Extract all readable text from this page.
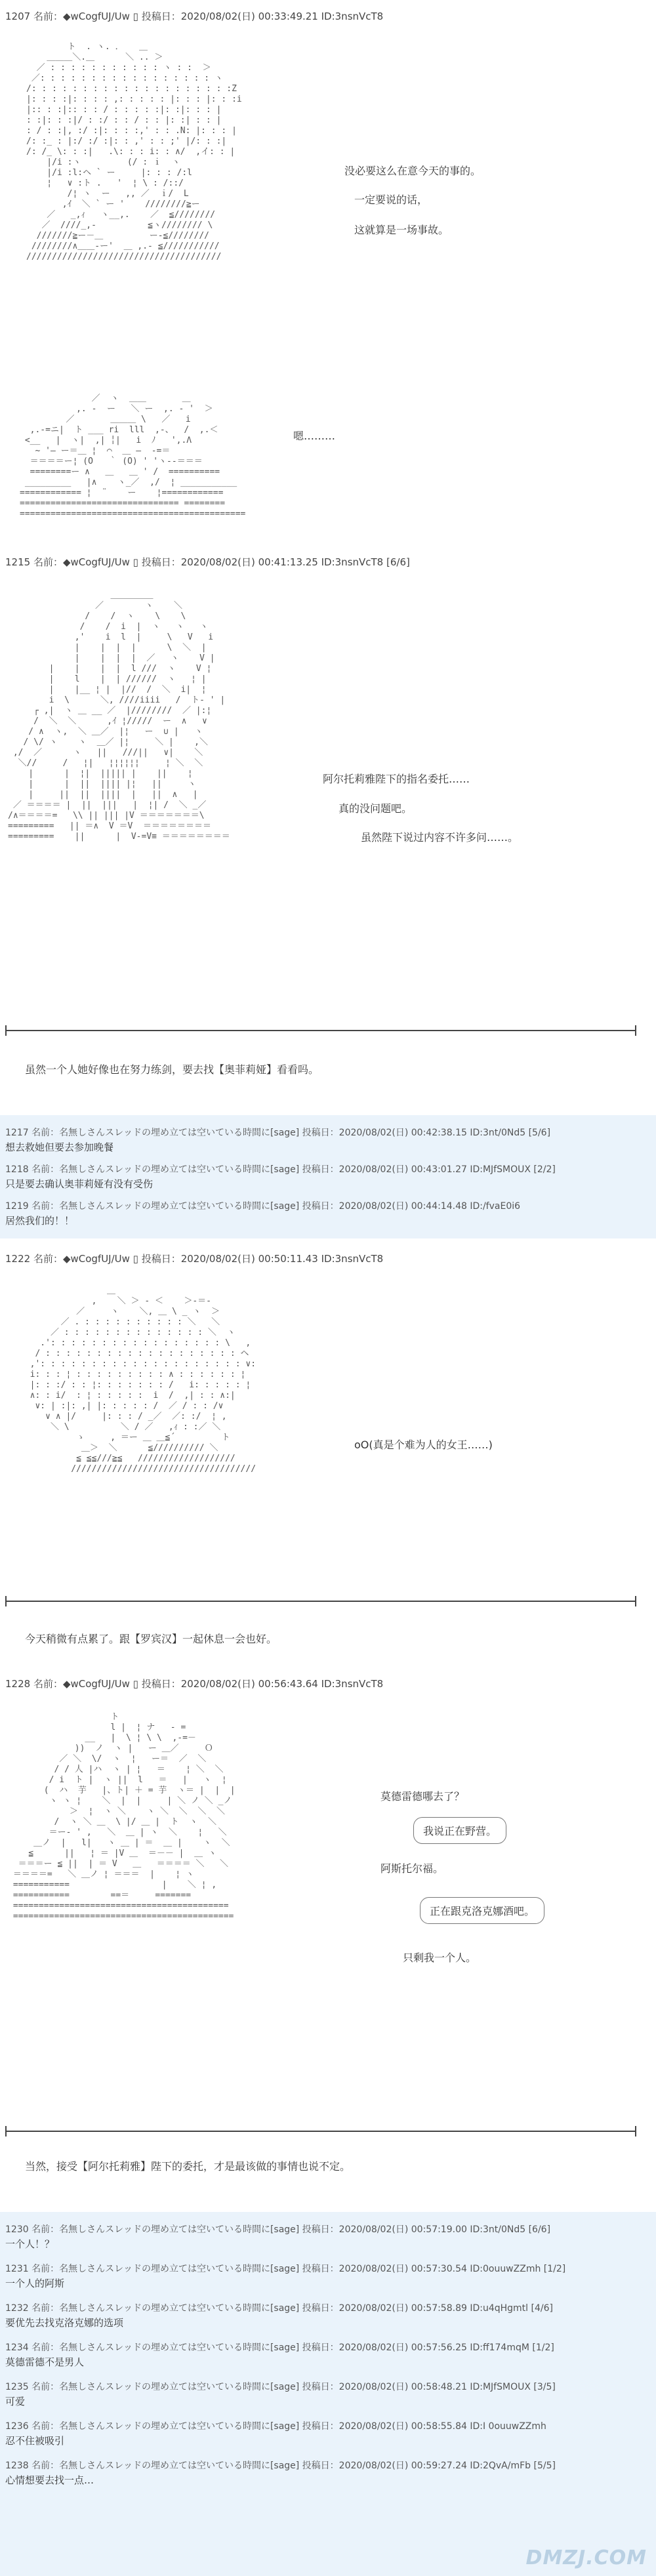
1207 名前：◆wCogfUJ/Uw ▯ 投稿日：2020/08/02(日) 00:33:49.21 ID:3nsnVcT8
ト  . ヽ. ．   ＿
＿＿＿＼.＿      ＼ .. ＞
／ : : : : : : : : : : : ヽ : :  ＞
／: : : : : : : : : : : : : : : : : ヽ
/: : : : : : : : : : : : : : : : : : : :Z
|: : : :|: : : : ,: : : : : |: : : |: : :i
|:: : :|:: : : / : : : : :|: :|: : : |
: :|: : :|/ : :/ : : / : : |: :| : : |
: / : :|, :/ :|: : : :,' : : .N: |: : : |
/: :_ : |:/ :/ :|: : ,' : : ;' |/: : :|
/: /_ \: : :|   .\: : : i: : ∧/  ,イ: : |
|/i :ヽ         (/ : ｉ  ヽ
|/i :l:ヘ ` ー     |: : : /:l
¦   ∨ :ト .   '  ¦ \ : /::/
/¦ ヽ  ー   ,, ／  ｉ/  L
,ｲ  ＼ ` ー '    ////////≧ー
／   _,ｨ   ヽ__,.    ／  ≦////////
／  ////_,-          ≦ヽ//////// \
///////≧ー－＿         ー-≦////////
////////∧＿＿-ー'  ＿ ,.- ≦///////////
//////////////////////////////////////
没必要这么在意今天的事的。
一定要说的话，
这就算是一场事故。
／  ヽ  ＿＿       ＿
,. ‐  ー   ＼ ー  ,. ‐ '  ＞
／       ＿＿＿ \   ／   i
,.-=ニ|  ト ___ ri  lll  ,-、  /  ,.＜
<__   |  ヽ|  ,| ╎|   i  ﾉ   ',.Λ
~ '― ー＝＿ ¦  ⌒  ＿ ―  -=＝
＝＝＝＝ー¦ (O   ｀ (O) ' 'ヽ--＝＝＝
========ー ∧   ＿   ＿ ' /  ==========
_________   |∧    ヽ_／  ,/  ¦ ___________
============ ¦  ¨    ー    ¦============
=============================== ========
============================================
嗯………
1215 名前：◆wCogfUJ/Uw ▯ 投稿日：2020/08/02(日) 00:41:13.25 ID:3nsnVcT8 [6/6]
＿＿＿＿＿
／        ヽ    ＼
/    /  ヽ    \    \
/    /  i  |  ヽ   ヽ   ヽ
,'    i  l  |     \   V   i
|    |  |  |      \  ＼  |
|    |  |  |  ／   ヽ    V |
|    |    |  |  l ///  ヽ    V ¦
|    l    |  | //////  ヽ   ¦ |
|    |__ ¦ |  |//  /  ＼  i|  ¦
i  \      ＼, ////iiii   /  ト- ' |
┌ ,|  ヽ ＿ __ ／  |////////  ／ |:¦
/  ＼  ＼      ,ｲ ¦/////  ー  ∧   ∨
/ ∧  ヽ,  ＼ ＿／  |¦   ー  ∪ |   ヽ
/ \/ ヽ    ヽ  ＿／ |¦     ＼ |    ,＼
,/  ／      ヽ   ||   ///||   ∨|    ＼
＼//     /   ¦|   ¦¦¦¦¦¦     ¦ ＼  ＼
|      |  ¦|  ||||| |    ||    ¦
|      |  ||  |||| |¦   ||     ヽ
|     ||  ||  ||||  |   ||  ∧   |
／ ＝＝＝＝ |  ||  |||   |  ¦| /  ＼ _／
/∧＝＝＝＝=   \\ || ||| |V ＝＝＝＝＝＝＝\
=========   || ＝∧  V ＝V  ＝＝＝＝＝＝＝＝
=========    ||      |  V-=V≡ ＝＝＝＝＝＝＝＝
阿尔托莉雅陛下的指名委托……
真的没问题吧。
虽然陛下说过内容不许多问……。
虽然一个人她好像也在努力练剑，要去找【奥菲莉娅】看看吗。
1217 名前：名無しさんスレッドの埋め立ては空いている時間に[sage] 投稿日：2020/08/02(日) 00:42:38.15 ID:3nt/0Nd5 [5/6]
想去救她但要去参加晚餐
1218 名前：名無しさんスレッドの埋め立ては空いている時間に[sage] 投稿日：2020/08/02(日) 00:43:01.27 ID:MJfSMOUX [2/2]
只是要去确认奥菲莉娅有没有受伤
1219 名前：名無しさんスレッドの埋め立ては空いている時間に[sage] 投稿日：2020/08/02(日) 00:44:14.48 ID:/fvaE0i6
居然我们的！！
1222 名前：◆wCogfUJ/Uw ▯ 投稿日：2020/08/02(日) 00:50:11.43 ID:3nsnVcT8
＿
,    ＼ ＞ - ＜    ＞-＝-
／     ヽ    ＼, ＿ \ _ ヽ  ＞
／ . : : : : : : : : : : ＼   ＼
／ : : : : : : : : : : : : : : ＼  ヽ
.': : : : : : : : : : : : : : : : : \   ,
/ : : : : : : : : : : : : : : : : : : : ヘ
,': : : : : : : : : : : : : : : : : : : : ∨:
i: : : ¦ : : : : : : : : : ∧ : : : : : : ¦
|: : :/ : : ¦: : : : : : : /   i: : : : : ¦
∧: : i/  : ¦ : : : : :  i  /  ,| : : ∧:|
∨: | :|: ,| |: : : : : /  ／ / : : /∨
∨ ∧ |/     |: : : / _／  ／: :/  ¦ ,
＼ \          ＼ / ／   ,ｨ : :／ ＼
ゝ     , ＝ー ＿ ＿≦´         ト
＿＞  ＼      ≦////////// ＼
≦ ≦≦///≧≦   ///////////////////
////////////////////////////////////
oO(真是个难为人的女王……)
今天稍微有点累了。跟【罗宾汉】一起休息一会也好。
1228 名前：◆wCogfUJ/Uw ▯ 投稿日：2020/08/02(日) 00:56:43.64 ID:3nsnVcT8
ト
l |  ¦ ナ   - =
__   |  \ ¦ \ \  ,-=－
))  ノ  ヽ |   ー ＿／     Ｏ
／ ＼  \/  ヽ  ¦   ー＝  ／  ＼
/ / 人 |ハ  ヽ | ¦   ＝    ¦ ＼  ＼
/ i  ト |  ヽ ||  l   ＝   |   ヽ  ¦
(  ハ  芋   |、ト| ＋ = 芋  ヽ＝ |  |  |
ヽ ヽ ¦    ＼  |  |     | ＼ ノ ＼ _ノ
＞  ¦  ヽ ＼    ヽ ＼  ＼  ＼  ＼
/  ヽ ＼ ＿  \ |/ ＿ |  ト  ヽ  ＼
＝ー‐ ' ,   ＼  ＿ | ヽ  ＼    ¦   ＼
＿ノ  |   l|   ヽ ＿ | ＝  ＿ |    ヽ  ＼
≦      ||   ¦ ＝ |V ＿  ＝－－ |  ＿ ヽ
＝＝＝ー ≦ ||  | ＝ V   ＿   ＝＝＝＝ ＼   ＼
＝＝＝＝=   ＼ ＿ノ ¦ ＝＝＝  |    ¦ ヽ
===========                  |    ＼ ¦ ,
===========        ==＝     =======
==========================================
===========================================
莫德雷德哪去了？
我说正在野营。
阿斯托尔福。
正在跟克洛克娜酒吧。
只剩我一个人。
当然，接受【阿尔托莉雅】陛下的委托，才是最该做的事情也说不定。
1230 名前：名無しさんスレッドの埋め立ては空いている時間に[sage] 投稿日：2020/08/02(日) 00:57:19.00 ID:3nt/0Nd5 [6/6]
一个人！？
1231 名前：名無しさんスレッドの埋め立ては空いている時間に[sage] 投稿日：2020/08/02(日) 00:57:30.54 ID:0ouuwZZmh [1/2]
一个人的阿斯
1232 名前：名無しさんスレッドの埋め立ては空いている時間に[sage] 投稿日：2020/08/02(日) 00:57:58.89 ID:u4qHgmtl [4/6]
要优先去找克洛克娜的选项
1234 名前：名無しさんスレッドの埋め立ては空いている時間に[sage] 投稿日：2020/08/02(日) 00:57:56.25 ID:ff174mqM [1/2]
莫德雷德不是男人
1235 名前：名無しさんスレッドの埋め立ては空いている時間に[sage] 投稿日：2020/08/02(日) 00:58:48.21 ID:MJfSMOUX [3/5]
可爱
1236 名前：名無しさんスレッドの埋め立ては空いている時間に[sage] 投稿日：2020/08/02(日) 00:58:55.84 ID:I 0ouuwZZmh
忍不住被吸引
1238 名前：名無しさんスレッドの埋め立ては空いている時間に[sage] 投稿日：2020/08/02(日) 00:59:27.24 ID:2QvA/mFb [5/5]
心情想要去找一点…
DMZJ.COM
